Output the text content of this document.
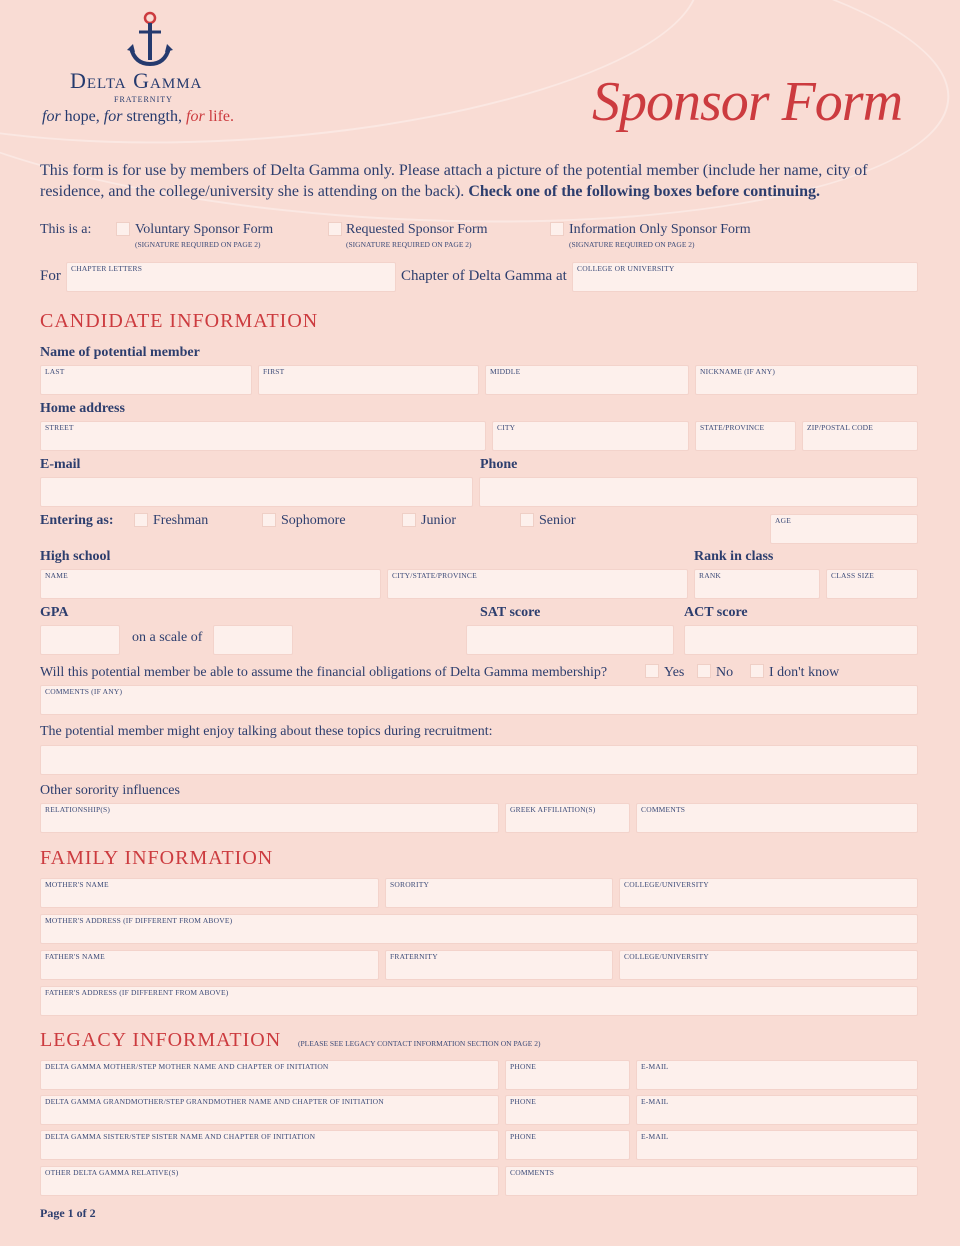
Delta Gamma
FRATERNITY
for hope, for strength, for life.	Sponsor Form
This form is for use by members of Delta Gamma only. Please attach a picture of the potential member (include her name, city of residence, and the college/university she is attending on the back). Check one of the following boxes before continuing.
This is a:	Voluntary Sponsor Form
(SIGNATURE REQUIRED ON PAGE 2)
Requested Sponsor Form
(SIGNATURE REQUIRED ON PAGE 2)
Information Only Sponsor Form
(SIGNATURE REQUIRED ON PAGE 2)
For CHAPTER LETTERS	Chapter of Delta Gamma at COLLEGE OR UNIVERSITY
CANDIDATE INFORMATION
Name of potential member
LAST	FIRST	MIDDLE	NICKNAME (IF ANY)
Home address
STREET	CITY	STATE/PROVINCE	ZIP/POSTAL CODE
E-mail	Phone
Entering as:	Freshman	Sophomore	Junior	Senior	AGE
High school	Rank in class
NAME	CITY/STATE/PROVINCE	RANK	CLASS SIZE
GPA	SAT score	ACT score
on a scale of
Will this potential member be able to assume the financial obligations of Delta Gamma membership?	Yes No	I don't know
COMMENTS (IF ANY)
The potential member might enjoy talking about these topics during recruitment:
Other sorority influences
RELATIONSHIP(S)	GREEK AFFILIATION(S)	COMMENTS
FAMILY INFORMATION
MOTHER'S NAME	SORORITY	COLLEGE/UNIVERSITY
MOTHER'S ADDRESS (IF DIFFERENT FROM ABOVE)
FATHER'S NAME	FRATERNITY	COLLEGE/UNIVERSITY
FATHER'S ADDRESS (IF DIFFERENT FROM ABOVE)
LEGACY INFORMATION (PLEASE SEE LEGACY CONTACT INFORMATION SECTION ON PAGE 2)
DELTA GAMMA MOTHER/STEP MOTHER NAME AND CHAPTER OF INITIATION	PHONE	E-MAIL
DELTA GAMMA GRANDMOTHER/STEP GRANDMOTHER NAME AND CHAPTER OF INITIATION	PHONE	E-MAIL
DELTA GAMMA SISTER/STEP SISTER NAME AND CHAPTER OF INITIATION	PHONE	E-MAIL
OTHER DELTA GAMMA RELATIVE(S)	COMMENTS
Page 1 of 2
